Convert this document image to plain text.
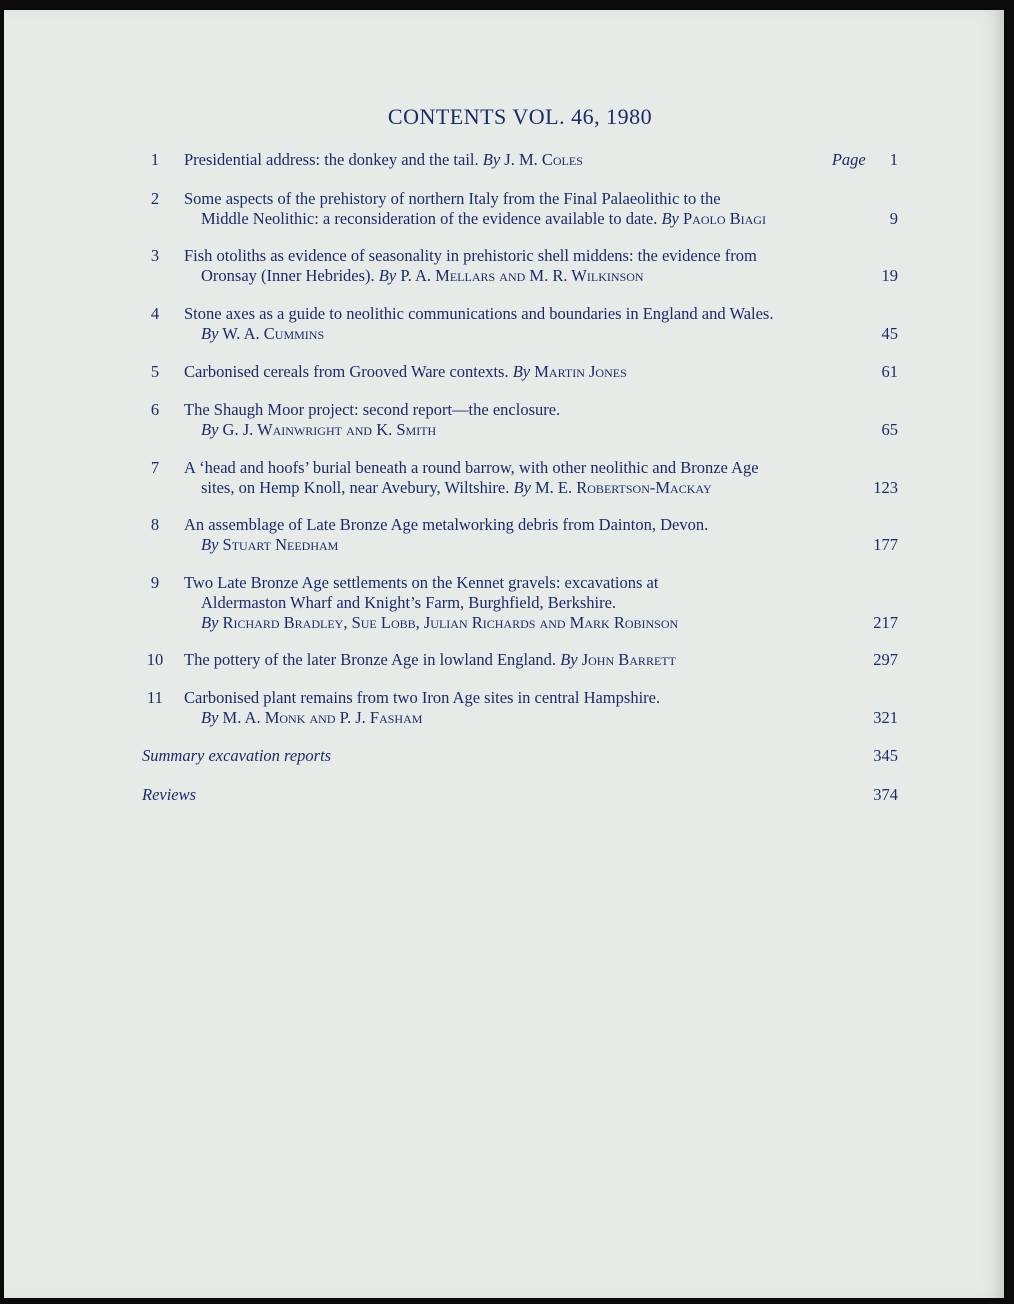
CONTENTS VOL. 46, 1980
1	Presidential address: the donkey and the tail. By J. M. Coles	Page 1
2	Some aspects of the prehistory of northern Italy from the Final Palaeolithic to the
Middle Neolithic: a reconsideration of the evidence available to date. By Paolo Biagi	9
3	Fish otoliths as evidence of seasonality in prehistoric shell middens: the evidence from
Oronsay (Inner Hebrides). By P. A. Mellars and M. R. Wilkinson	19
4	Stone axes as a guide to neolithic communications and boundaries in England and Wales.
By W. A. Cummins	45
5	Carbonised cereals from Grooved Ware contexts. By Martin Jones	61
6	The Shaugh Moor project: second report—the enclosure.
By G. J. Wainwright and K. Smith	65
7	A ‘head and hoofs’ burial beneath a round barrow, with other neolithic and Bronze Age
sites, on Hemp Knoll, near Avebury, Wiltshire. By M. E. Robertson-Mackay	123
8	An assemblage of Late Bronze Age metalworking debris from Dainton, Devon.
By Stuart Needham	177
9	Two Late Bronze Age settlements on the Kennet gravels: excavations at
Aldermaston Wharf and Knight’s Farm, Burghfield, Berkshire.
By Richard Bradley, Sue Lobb, Julian Richards and Mark Robinson	217
10	The pottery of the later Bronze Age in lowland England. By John Barrett	297
11	Carbonised plant remains from two Iron Age sites in central Hampshire.
By M. A. Monk and P. J. Fasham	321
Summary excavation reports	345
Reviews	374
